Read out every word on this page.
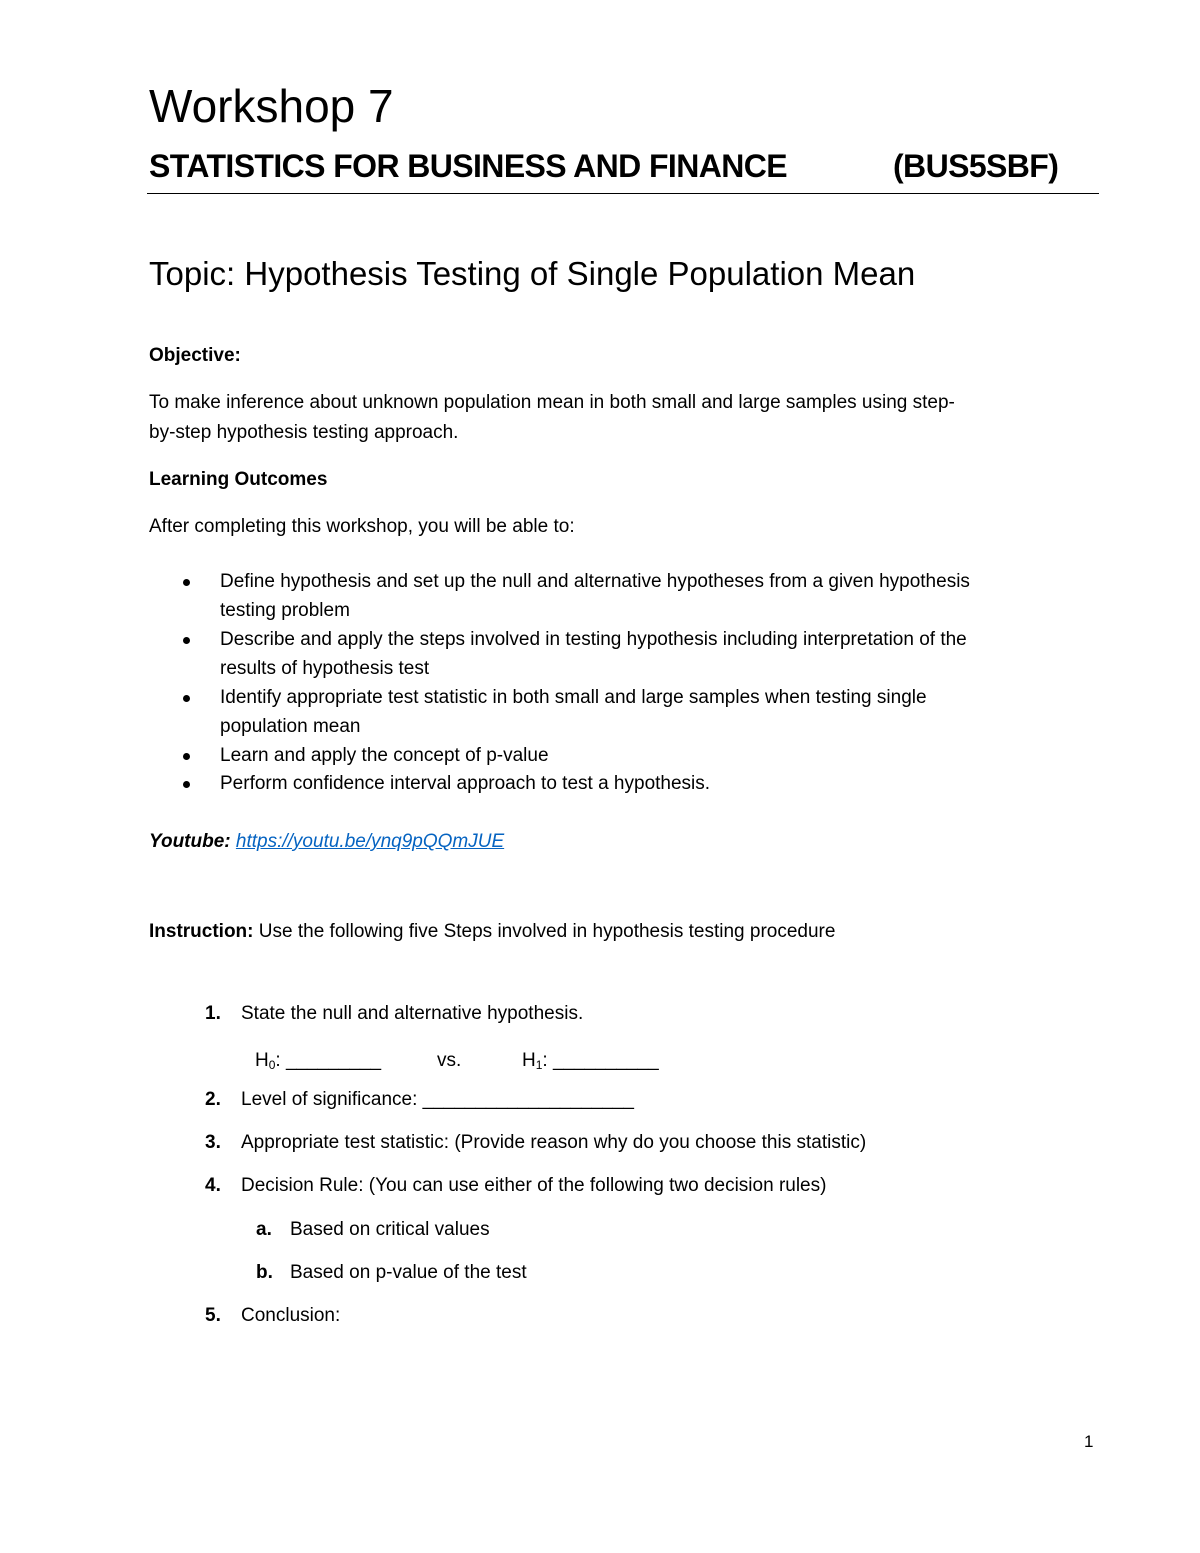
Workshop 7
STATISTICS FOR BUSINESS AND FINANCE	(BUS5SBF)
Topic: Hypothesis Testing of Single Population Mean
Objective:
To make inference about unknown population mean in both small and large samples using step-
by-step hypothesis testing approach.
Learning Outcomes
After completing this workshop, you will be able to:
Define hypothesis and set up the null and alternative hypotheses from a given hypothesis
testing problem
Describe and apply the steps involved in testing hypothesis including interpretation of the
results of hypothesis test
Identify appropriate test statistic in both small and large samples when testing single
population mean
Learn and apply the concept of p-value
Perform confidence interval approach to test a hypothesis.
Youtube: https://youtu.be/ynq9pQQmJUE
Instruction: Use the following five Steps involved in hypothesis testing procedure
1. State the null and alternative hypothesis.
$H_0$: _________	vs.	$H_1$: __________
2. Level of significance: ____________________
3. Appropriate test statistic: (Provide reason why do you choose this statistic)
4. Decision Rule: (You can use either of the following two decision rules)
a. Based on critical values
b. Based on p-value of the test
5. Conclusion:
1
